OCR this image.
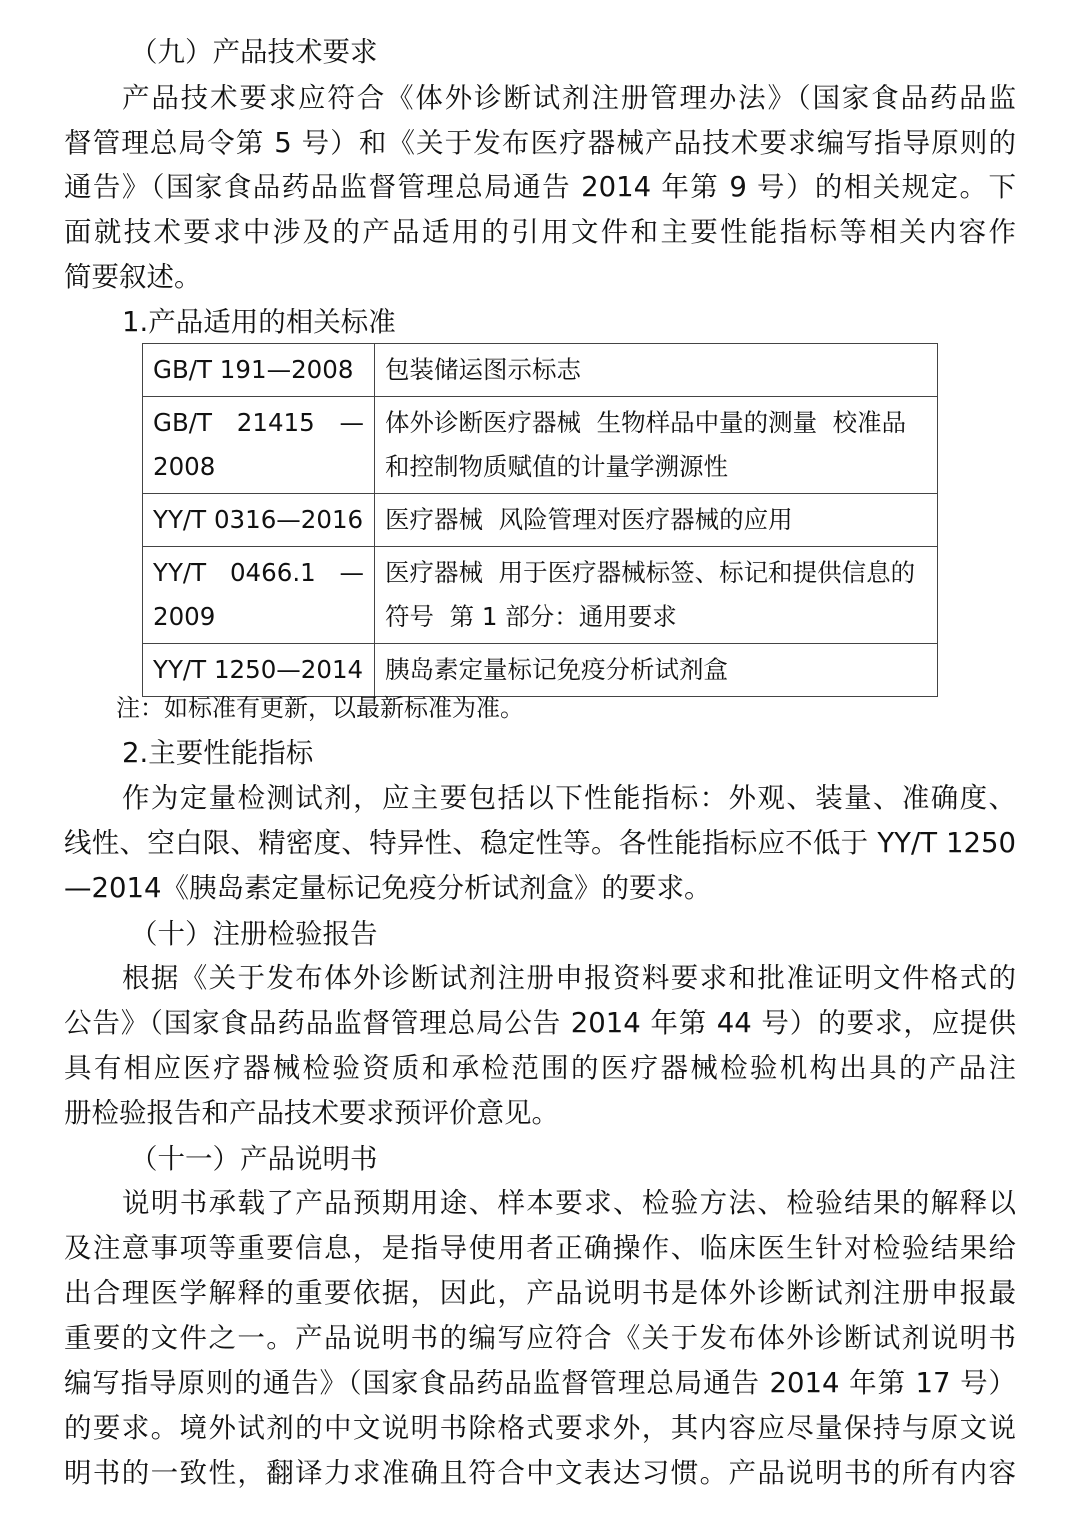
（九）产品技术要求
产品技术要求应符合《体外诊断试剂注册管理办法》（国家食品药品监
督管理总局令第 5 号）和《关于发布医疗器械产品技术要求编写指导原则的
通告》（国家食品药品监督管理总局通告 2014 年第 9 号）的相关规定。下
面就技术要求中涉及的产品适用的引用文件和主要性能指标等相关内容作
简要叙述。
1.产品适用的相关标准
GB/T 191—2008	包装储运图示标志

GB/T 21415 —
2008	体外诊断医疗器械  生物样品中量的测量  校准品
和控制物质赋值的计量学溯源性

YY/T 0316—2016	医疗器械  风险管理对医疗器械的应用

YY/T 0466.1 —
2009	医疗器械  用于医疗器械标签、标记和提供信息的
符号  第 1 部分：通用要求

YY/T 1250—2014	胰岛素定量标记免疫分析试剂盒
注：如标准有更新，以最新标准为准。
2.主要性能指标
作为定量检测试剂，应主要包括以下性能指标：外观、装量、准确度、
线性、空白限、精密度、特异性、稳定性等。各性能指标应不低于 YY/T 1250
—2014《胰岛素定量标记免疫分析试剂盒》的要求。
（十）注册检验报告
根据《关于发布体外诊断试剂注册申报资料要求和批准证明文件格式的
公告》（国家食品药品监督管理总局公告 2014 年第 44 号）的要求，应提供
具有相应医疗器械检验资质和承检范围的医疗器械检验机构出具的产品注
册检验报告和产品技术要求预评价意见。
（十一）产品说明书
说明书承载了产品预期用途、样本要求、检验方法、检验结果的解释以
及注意事项等重要信息，是指导使用者正确操作、临床医生针对检验结果给
出合理医学解释的重要依据，因此，产品说明书是体外诊断试剂注册申报最
重要的文件之一。产品说明书的编写应符合《关于发布体外诊断试剂说明书
编写指导原则的通告》（国家食品药品监督管理总局通告 2014 年第 17 号）
的要求。境外试剂的中文说明书除格式要求外，其内容应尽量保持与原文说
明书的一致性，翻译力求准确且符合中文表达习惯。产品说明书的所有内容
